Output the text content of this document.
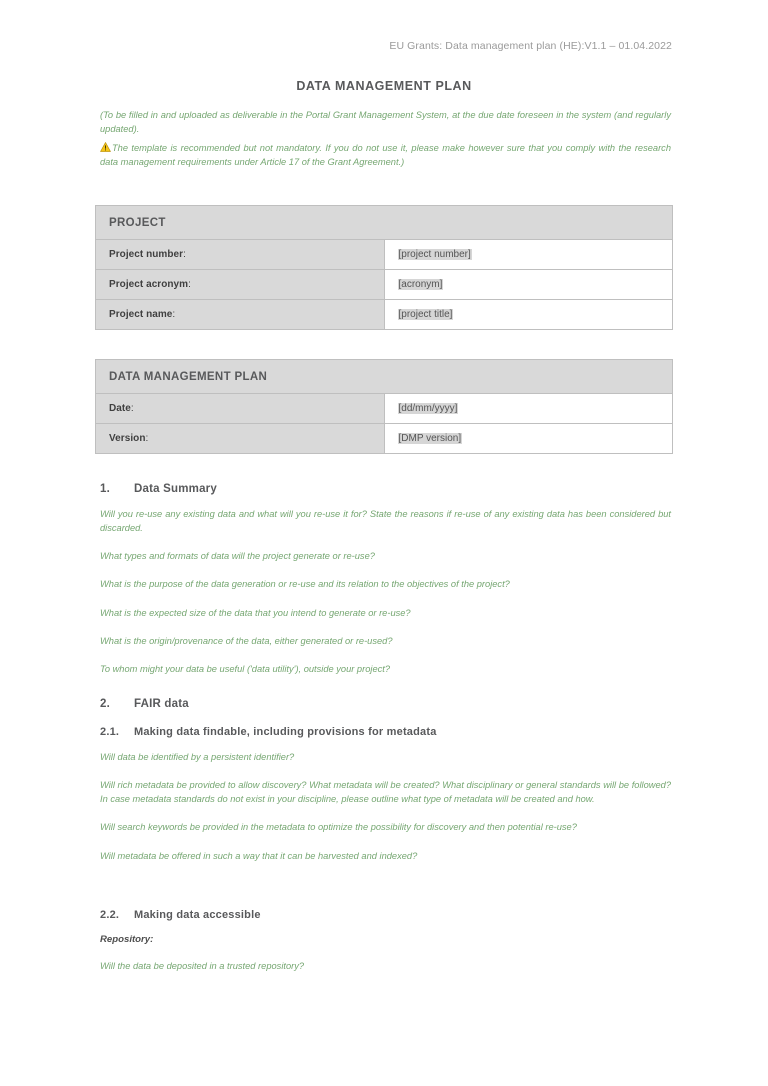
EU Grants: Data management plan (HE):V1.1 – 01.04.2022
DATA MANAGEMENT PLAN

(To be filled in and uploaded as deliverable in the Portal Grant Management System, at the due date foreseen in the system (and regularly updated).

The template is recommended but not mandatory. If you do not use it, please make however sure that you comply with the research data management requirements under Article 17 of the Grant Agreement.)

PROJECT	
Project number:	[project number]
Project acronym:	[acronym]
Project name:	[project title]
DATA MANAGEMENT PLAN	
Date:	[dd/mm/yyyy]
Version:	[DMP version]
1.	Data Summary

Will you re-use any existing data and what will you re-use it for? State the reasons if re-use of any existing data has been considered but discarded.

What types and formats of data will the project generate or re-use?

What is the purpose of the data generation or re-use and its relation to the objectives of the project?

What is the expected size of the data that you intend to generate or re-use?

What is the origin/provenance of the data, either generated or re-used?

To whom might your data be useful ('data utility'), outside your project?

2.	FAIR data
2.1.	Making data findable, including provisions for metadata

Will data be identified by a persistent identifier?

Will rich metadata be provided to allow discovery? What metadata will be created? What disciplinary or general standards will be followed? In case metadata standards do not exist in your discipline, please outline what type of metadata will be created and how.

Will search keywords be provided in the metadata to optimize the possibility for discovery and then potential re-use?

Will metadata be offered in such a way that it can be harvested and indexed?

2.2.	Making data accessible
Repository:

Will the data be deposited in a trusted repository?
